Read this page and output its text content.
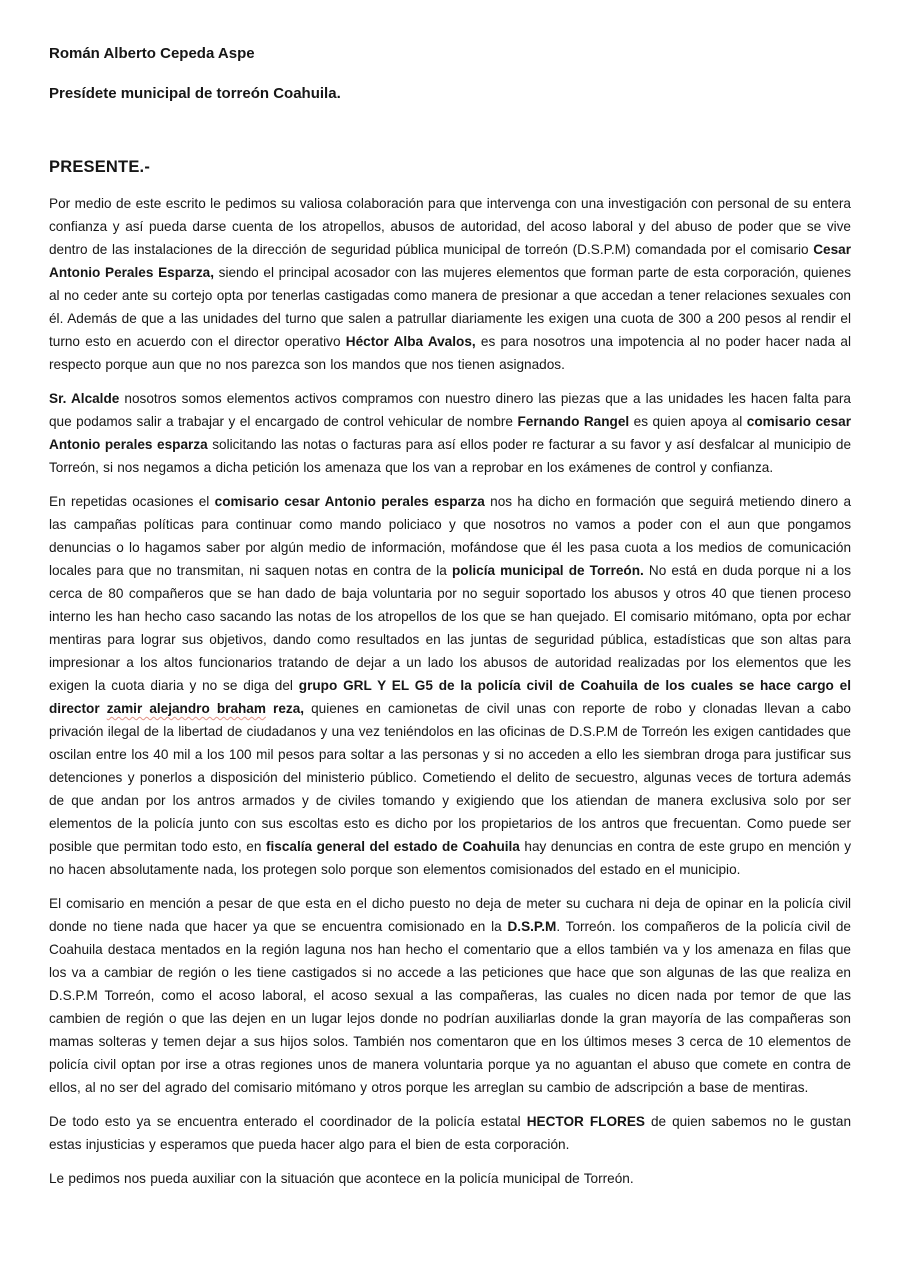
Román Alberto Cepeda Aspe

Presídete municipal de torreón Coahuila.

PRESENTE.-

Por medio de este escrito le pedimos su valiosa colaboración para que intervenga con una investigación con personal de su entera confianza y así pueda darse cuenta de los atropellos, abusos de autoridad, del acoso laboral y del abuso de poder que se vive dentro de las instalaciones de la dirección de seguridad pública municipal de torreón (D.S.P.M) comandada por el comisario Cesar Antonio Perales Esparza, siendo el principal acosador con las mujeres elementos que forman parte de esta corporación, quienes al no ceder ante su cortejo opta por tenerlas castigadas como manera de presionar a que accedan a tener relaciones sexuales con él. Además de que a las unidades del turno que salen a patrullar diariamente les exigen una cuota de 300 a 200 pesos al rendir el turno esto en acuerdo con el director operativo Héctor Alba Avalos, es para nosotros una impotencia al no poder hacer nada al respecto porque aun que no nos parezca son los mandos que nos tienen asignados.

Sr. Alcalde nosotros somos elementos activos compramos con nuestro dinero las piezas que a las unidades les hacen falta para que podamos salir a trabajar y el encargado de control vehicular de nombre Fernando Rangel es quien apoya al comisario cesar Antonio perales esparza solicitando las notas o facturas para así ellos poder re facturar a su favor y así desfalcar al municipio de Torreón, si nos negamos a dicha petición los amenaza que los van a reprobar en los exámenes de control y confianza.

En repetidas ocasiones el comisario cesar Antonio perales esparza nos ha dicho en formación que seguirá metiendo dinero a las campañas políticas para continuar como mando policiaco y que nosotros no vamos a poder con el aun que pongamos denuncias o lo hagamos saber por algún medio de información, mofándose que él les pasa cuota a los medios de comunicación locales para que no transmitan, ni saquen notas en contra de la policía municipal de Torreón. No está en duda porque ni a los cerca de 80 compañeros que se han dado de baja voluntaria por no seguir soportado los abusos y otros 40 que tienen proceso interno les han hecho caso sacando las notas de los atropellos de los que se han quejado. El comisario mitómano, opta por echar mentiras para lograr sus objetivos, dando como resultados en las juntas de seguridad pública, estadísticas que son altas para impresionar a los altos funcionarios tratando de dejar a un lado los abusos de autoridad realizadas por los elementos que les exigen la cuota diaria y no se diga del grupo GRL Y EL G5 de la policía civil de Coahuila de los cuales se hace cargo el director zamir alejandro braham reza, quienes en camionetas de civil unas con reporte de robo y clonadas llevan a cabo privación ilegal de la libertad de ciudadanos y una vez teniéndolos en las oficinas de D.S.P.M de Torreón les exigen cantidades que oscilan entre los 40 mil a los 100 mil pesos para soltar a las personas y si no acceden a ello les siembran droga para justificar sus detenciones y ponerlos a disposición del ministerio público. Cometiendo el delito de secuestro, algunas veces de tortura además de que andan por los antros armados y de civiles tomando y exigiendo que los atiendan de manera exclusiva solo por ser elementos de la policía junto con sus escoltas esto es dicho por los propietarios de los antros que frecuentan. Como puede ser posible que permitan todo esto, en fiscalía general del estado de Coahuila hay denuncias en contra de este grupo en mención y no hacen absolutamente nada, los protegen solo porque son elementos comisionados del estado en el municipio.

El comisario en mención a pesar de que esta en el dicho puesto no deja de meter su cuchara ni deja de opinar en la policía civil donde no tiene nada que hacer ya que se encuentra comisionado en la D.S.P.M. Torreón. los compañeros de la policía civil de Coahuila destaca mentados en la región laguna nos han hecho el comentario que a ellos también va y los amenaza en filas que los va a cambiar de región o les tiene castigados si no accede a las peticiones que hace que son algunas de las que realiza en D.S.P.M Torreón, como el acoso laboral, el acoso sexual a las compañeras, las cuales no dicen nada por temor de que las cambien de región o que las dejen en un lugar lejos donde no podrían auxiliarlas donde la gran mayoría de las compañeras son mamas solteras y temen dejar a sus hijos solos. También nos comentaron que en los últimos meses 3 cerca de 10 elementos de policía civil optan por irse a otras regiones unos de manera voluntaria porque ya no aguantan el abuso que comete en contra de ellos, al no ser del agrado del comisario mitómano y otros porque les arreglan su cambio de adscripción a base de mentiras.

De todo esto ya se encuentra enterado el coordinador de la policía estatal HECTOR FLORES de quien sabemos no le gustan estas injusticias y esperamos que pueda hacer algo para el bien de esta corporación.

Le pedimos nos pueda auxiliar con la situación que acontece en la policía municipal de Torreón.
